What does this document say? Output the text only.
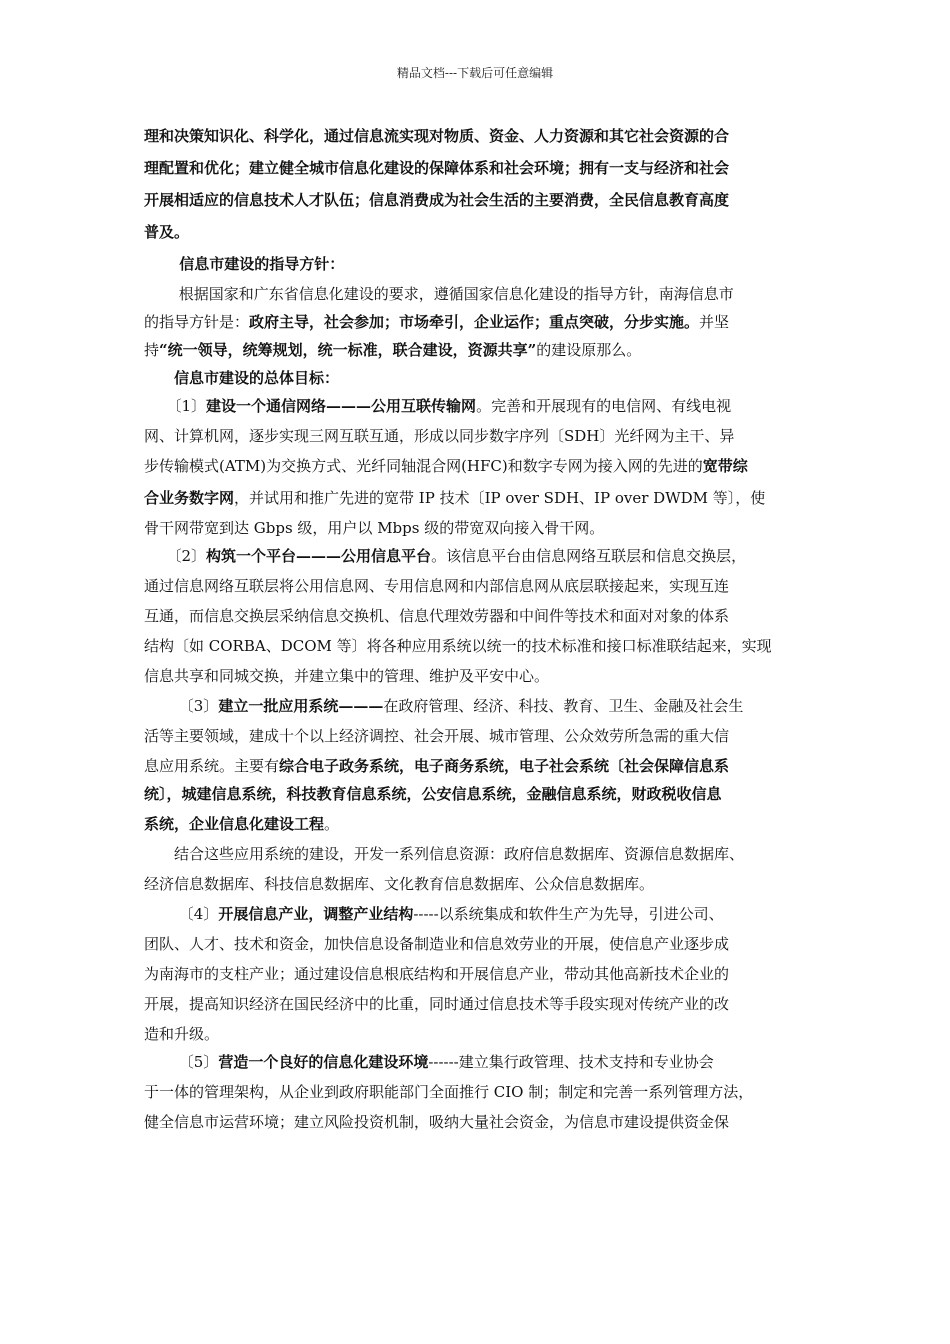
精品文档---下载后可任意编辑
理和决策知识化、科学化，通过信息流实现对物质、资金、人力资源和其它社会资源的合
理配置和优化；建立健全城市信息化建设的保障体系和社会环境；拥有一支与经济和社会
开展相适应的信息技术人才队伍；信息消费成为社会生活的主要消费，全民信息教育高度
普及。
　　 信息市建设的指导方针：
　　 根据国家和广东省信息化建设的要求，遵循国家信息化建设的指导方针，南海信息市
的指导方针是：政府主导，社会参加；市场牵引，企业运作；重点突破，分步实施。并坚
持“统一领导，统筹规划，统一标准，联合建设，资源共享”的建设原那么。
　　信息市建设的总体目标：
　　〔1〕建设一个通信网络———公用互联传输网。完善和开展现有的电信网、有线电视
网、计算机网，逐步实现三网互联互通，形成以同步数字序列〔SDH〕光纤网为主干、异
步传输模式(ATM)为交换方式、光纤同轴混合网(HFC)和数字专网为接入网的先进的宽带综
合业务数字网，并试用和推广先进的宽带 IP 技术〔IP over SDH、IP over DWDM 等〕，使
骨干网带宽到达 Gbps 级，用户以 Mbps 级的带宽双向接入骨干网。
　　〔2〕构筑一个平台———公用信息平台。该信息平台由信息网络互联层和信息交换层，
通过信息网络互联层将公用信息网、专用信息网和内部信息网从底层联接起来，实现互连
互通，而信息交换层采纳信息交换机、信息代理效劳器和中间件等技术和面对对象的体系
结构〔如 CORBA、DCOM 等〕将各种应用系统以统一的技术标准和接口标准联结起来，实现
信息共享和同城交换，并建立集中的管理、维护及平安中心。
　　 〔3〕建立一批应用系统———在政府管理、经济、科技、教育、卫生、金融及社会生
活等主要领域，建成十个以上经济调控、社会开展、城市管理、公众效劳所急需的重大信
息应用系统。主要有综合电子政务系统，电子商务系统，电子社会系统〔社会保障信息系
统〕，城建信息系统，科技教育信息系统，公安信息系统，金融信息系统，财政税收信息
系统，企业信息化建设工程。
　　结合这些应用系统的建设，开发一系列信息资源：政府信息数据库、资源信息数据库、
经济信息数据库、科技信息数据库、文化教育信息数据库、公众信息数据库。
　　 〔4〕开展信息产业，调整产业结构-----以系统集成和软件生产为先导，引进公司、
团队、人才、技术和资金，加快信息设备制造业和信息效劳业的开展，使信息产业逐步成
为南海市的支柱产业；通过建设信息根底结构和开展信息产业，带动其他高新技术企业的
开展，提高知识经济在国民经济中的比重，同时通过信息技术等手段实现对传统产业的改
造和升级。
　　 〔5〕营造一个良好的信息化建设环境------建立集行政管理、技术支持和专业协会
于一体的管理架构，从企业到政府职能部门全面推行 CIO 制；制定和完善一系列管理方法，
健全信息市运营环境；建立风险投资机制，吸纳大量社会资金，为信息市建设提供资金保
